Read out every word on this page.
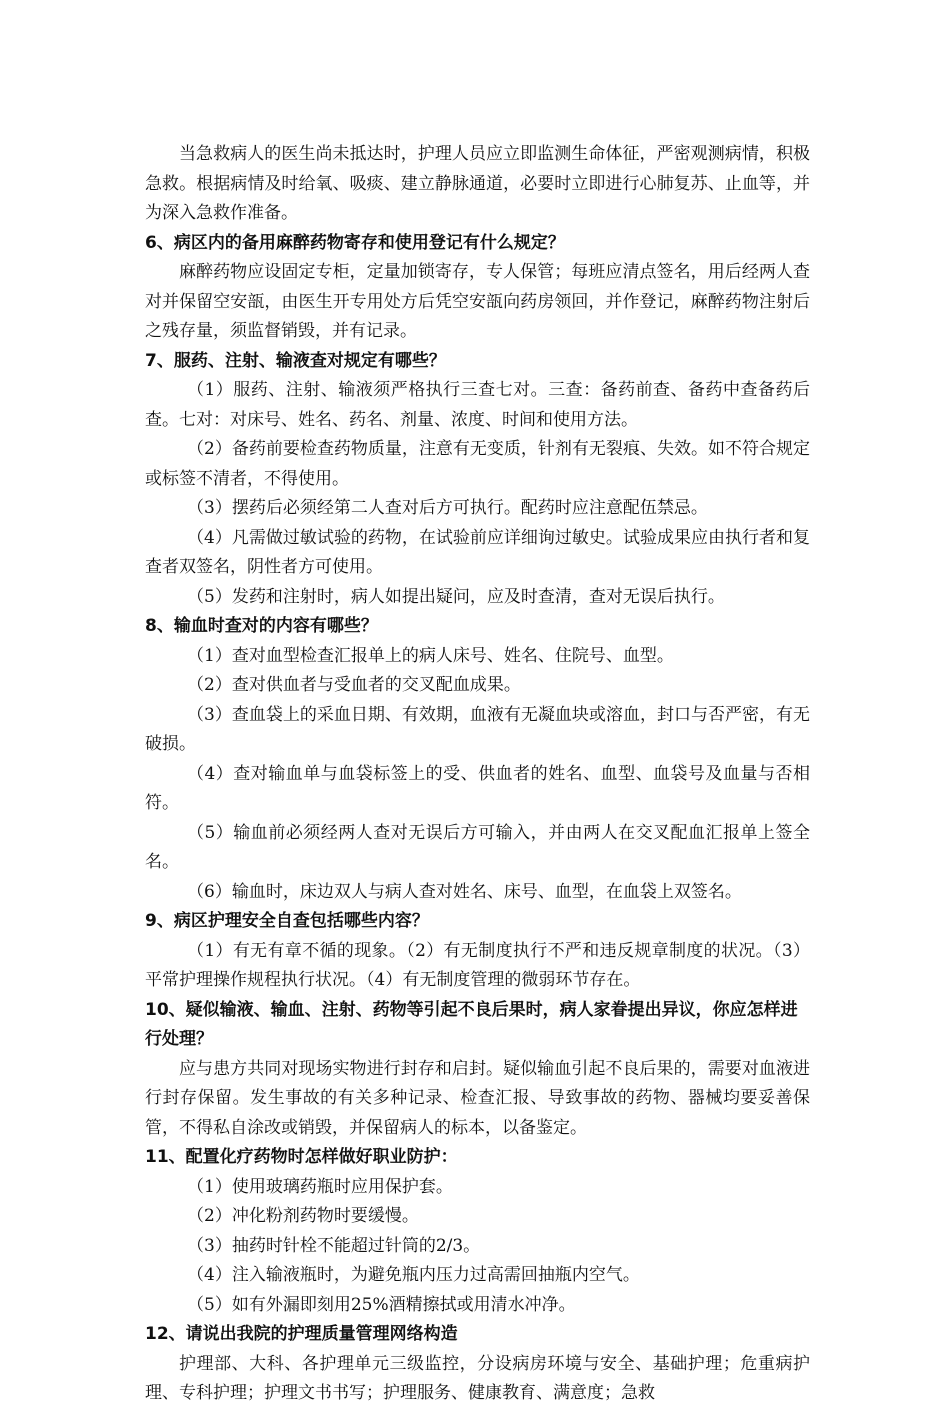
当急救病人的医生尚未抵达时，护理人员应立即监测生命体征，严密观测病情，积极急救。根据病情及时给氧、吸痰、建立静脉通道，必要时立即进行心肺复苏、止血等，并为深入急救作准备。

6、病区内的备用麻醉药物寄存和使用登记有什么规定？

麻醉药物应设固定专柜，定量加锁寄存，专人保管；每班应清点签名，用后经两人查对并保留空安瓿，由医生开专用处方后凭空安瓿向药房领回，并作登记，麻醉药物注射后之残存量，须监督销毁，并有记录。

7、服药、注射、输液查对规定有哪些？

（1）服药、注射、输液须严格执行三查七对。三查：备药前查、备药中查备药后查。七对：对床号、姓名、药名、剂量、浓度、时间和使用方法。

（2）备药前要检查药物质量，注意有无变质，针剂有无裂痕、失效。如不符合规定或标签不清者，不得使用。

（3）摆药后必须经第二人查对后方可执行。配药时应注意配伍禁忌。

（4）凡需做过敏试验的药物，在试验前应详细询过敏史。试验成果应由执行者和复查者双签名，阴性者方可使用。

（5）发药和注射时，病人如提出疑问，应及时查清，查对无误后执行。

8、输血时查对的内容有哪些？

（1）查对血型检查汇报单上的病人床号、姓名、住院号、血型。

（2）查对供血者与受血者的交叉配血成果。

（3）查血袋上的采血日期、有效期，血液有无凝血块或溶血，封口与否严密，有无破损。

（4）查对输血单与血袋标签上的受、供血者的姓名、血型、血袋号及血量与否相符。

（5）输血前必须经两人查对无误后方可输入，并由两人在交叉配血汇报单上签全名。

（6）输血时，床边双人与病人查对姓名、床号、血型，在血袋上双签名。

9、病区护理安全自查包括哪些内容？

（1）有无有章不循的现象。（2）有无制度执行不严和违反规章制度的状况。（3）平常护理操作规程执行状况。（4）有无制度管理的微弱环节存在。

10、疑似输液、输血、注射、药物等引起不良后果时，病人家眷提出异议，你应怎样进行处理？

应与患方共同对现场实物进行封存和启封。疑似输血引起不良后果的，需要对血液进行封存保留。发生事故的有关多种记录、检查汇报、导致事故的药物、器械均要妥善保管，不得私自涂改或销毁，并保留病人的标本，以备鉴定。

11、配置化疗药物时怎样做好职业防护：

（1）使用玻璃药瓶时应用保护套。

（2）冲化粉剂药物时要缓慢。

（3）抽药时针栓不能超过针筒的2/3。

（4）注入输液瓶时，为避免瓶内压力过高需回抽瓶内空气。

（5）如有外漏即刻用25%酒精擦拭或用清水冲净。

12、请说出我院的护理质量管理网络构造

护理部、大科、各护理单元三级监控，分设病房环境与安全、基础护理；危重病护理、专科护理；护理文书书写；护理服务、健康教育、满意度；急救
